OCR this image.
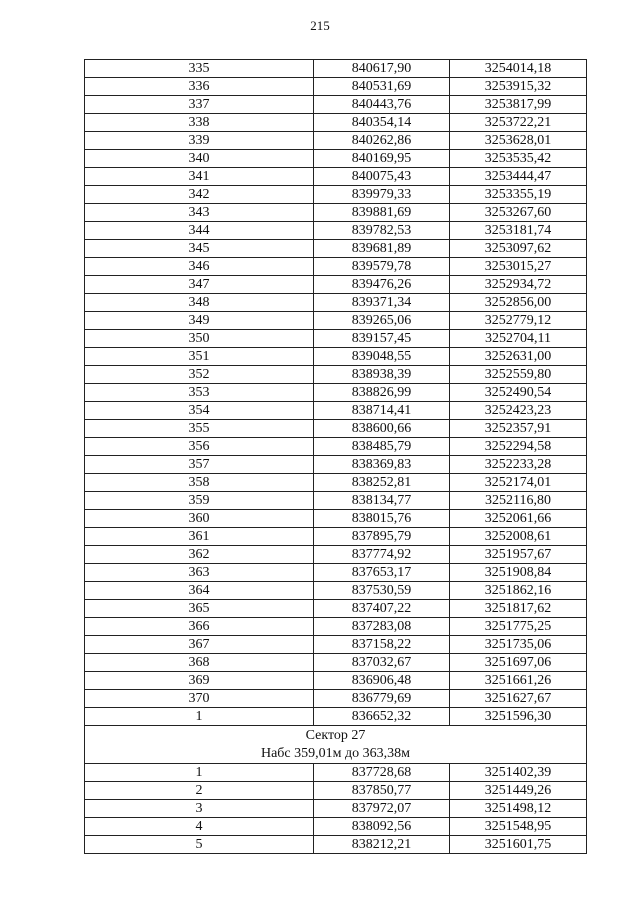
215
335	840617,90	3254014,18
336	840531,69	3253915,32
337	840443,76	3253817,99
338	840354,14	3253722,21
339	840262,86	3253628,01
340	840169,95	3253535,42
341	840075,43	3253444,47
342	839979,33	3253355,19
343	839881,69	3253267,60
344	839782,53	3253181,74
345	839681,89	3253097,62
346	839579,78	3253015,27
347	839476,26	3252934,72
348	839371,34	3252856,00
349	839265,06	3252779,12
350	839157,45	3252704,11
351	839048,55	3252631,00
352	838938,39	3252559,80
353	838826,99	3252490,54
354	838714,41	3252423,23
355	838600,66	3252357,91
356	838485,79	3252294,58
357	838369,83	3252233,28
358	838252,81	3252174,01
359	838134,77	3252116,80
360	838015,76	3252061,66
361	837895,79	3252008,61
362	837774,92	3251957,67
363	837653,17	3251908,84
364	837530,59	3251862,16
365	837407,22	3251817,62
366	837283,08	3251775,25
367	837158,22	3251735,06
368	837032,67	3251697,06
369	836906,48	3251661,26
370	836779,69	3251627,67
1	836652,32	3251596,30

Сектор 27
Набс 359,01м до 363,38м		

1	837728,68	3251402,39
2	837850,77	3251449,26
3	837972,07	3251498,12
4	838092,56	3251548,95
5	838212,21	3251601,75
